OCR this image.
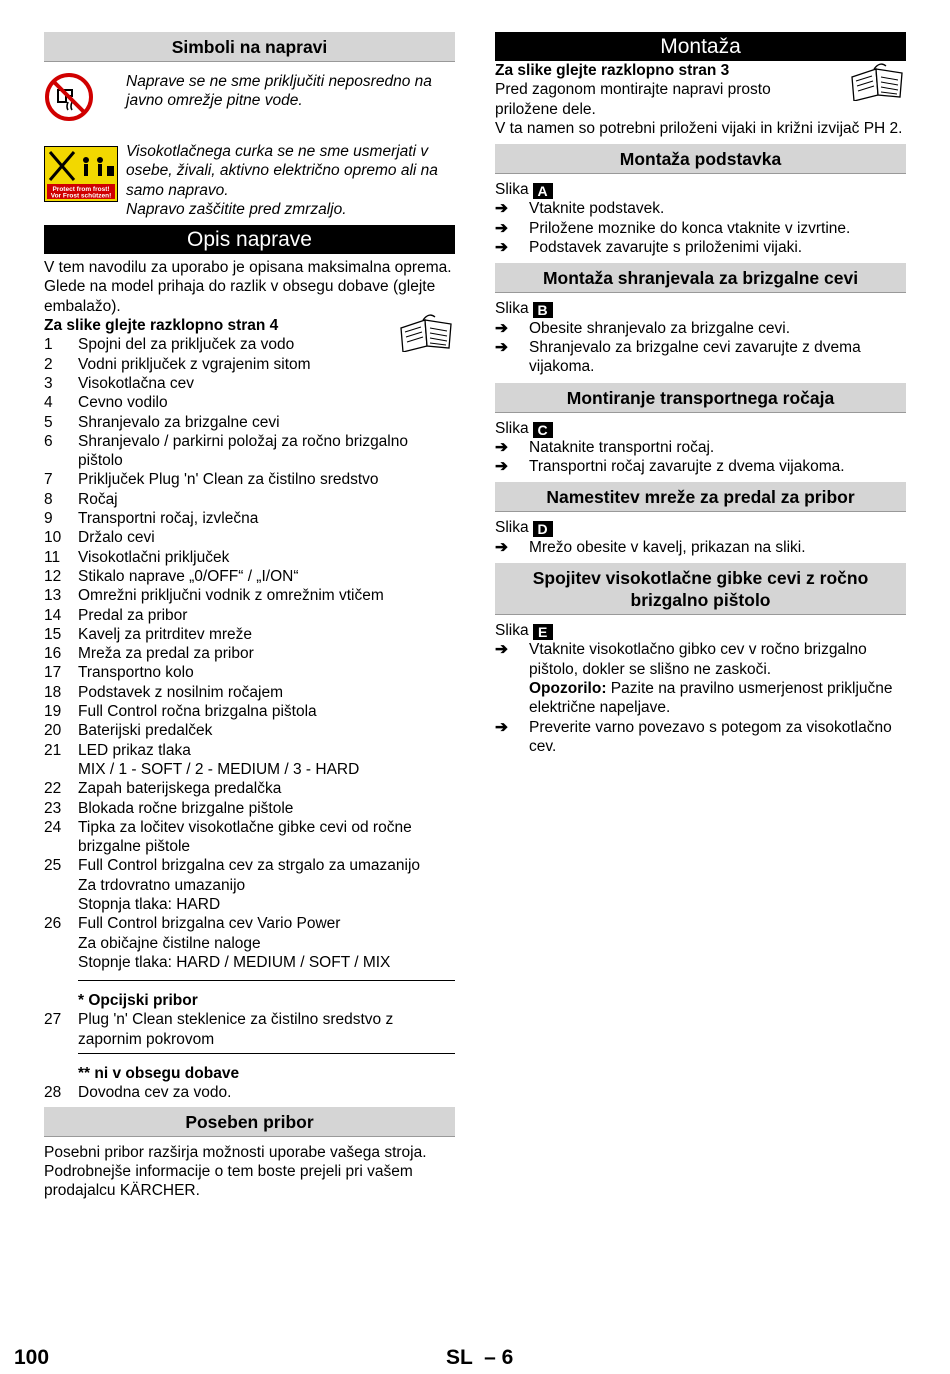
Simboli na napravi
Naprave se ne sme priključiti neposredno na javno omrežje pitne vode.
Protect from frost!
Vor Frost schützen!
Visokotlačnega curka se ne sme usmerjati v osebe, živali, aktivno električno opremo ali na samo napravo.
Napravo zaščitite pred zmrzaljo.
Opis naprave

V tem navodilu za uporabo je opisana maksimalna oprema. Glede na model prihaja do razlik v obsegu dobave (glejte embalažo).

Za slike glejte razklopno stran 4

1	Spojni del za priključek za vodo
2	Vodni priključek z vgrajenim sitom
3	Visokotlačna cev
4	Cevno vodilo
5	Shranjevalo za brizgalne cevi
6	Shranjevalo / parkirni položaj za ročno brizgalno pištolo
7	Priključek Plug 'n' Clean za čistilno sredstvo
8	Ročaj
9	Transportni ročaj, izvlečna
10	Držalo cevi
11	Visokotlačni priključek
12	Stikalo naprave „0/OFF“ / „I/ON“
13	Omrežni priključni vodnik z omrežnim vtičem
14	Predal za pribor
15	Kavelj za pritrditev mreže
16	Mreža za predal za pribor
17	Transportno kolo
18	Podstavek z nosilnim ročajem
19	Full Control ročna brizgalna pištola
20	Baterijski predalček
21	LED prikaz tlaka
MIX / 1 - SOFT / 2 - MEDIUM / 3 - HARD
22	Zapah baterijskega predalčka
23	Blokada ročne brizgalne pištole
24	Tipka za ločitev visokotlačne gibke cevi od ročne brizgalne pištole
25	Full Control brizgalna cev za strgalo za umazanijo
Za trdovratno umazanijo
Stopnja tlaka: HARD
26	Full Control brizgalna cev Vario Power
Za običajne čistilne naloge
Stopnje tlaka: HARD / MEDIUM / SOFT / MIX
* Opcijski pribor
27	Plug 'n' Clean steklenice za čistilno sredstvo z zapornim pokrovom
** ni v obsegu dobave
28	Dovodna cev za vodo.
Poseben pribor

Posebni pribor razširja možnosti uporabe vašega stroja. Podrobnejše informacije o tem boste prejeli pri vašem prodajalcu KÄRCHER.

Montaža

Za slike glejte razklopno stran 3

Pred zagonom montirajte napravi prosto priložene dele.

V ta namen so potrebni priloženi vijaki in križni izvijač PH 2.

Montaža podstavka
Slika A
➔	Vtaknite podstavek.
➔	Priložene moznike do konca vtaknite v izvrtine.
➔	Podstavek zavarujte s priloženimi vijaki.
Montaža shranjevala za brizgalne cevi
Slika B
➔	Obesite shranjevalo za brizgalne cevi.
➔	Shranjevalo za brizgalne cevi zavarujte z dvema vijakoma.
Montiranje transportnega ročaja
Slika C
➔	Nataknite transportni ročaj.
➔	Transportni ročaj zavarujte z dvema vijakoma.
Namestitev mreže za predal za pribor
Slika D
➔	Mrežo obesite v kavelj, prikazan na sliki.
Spojitev visokotlačne gibke cevi z ročno brizgalno pištolo
Slika E
➔	Vtaknite visokotlačno gibko cev v ročno brizgalno pištolo, dokler se slišno ne zaskoči.
Opozorilo: Pazite na pravilno usmerjenost priključne električne napeljave.
➔	Preverite varno povezavo s potegom za visokotlačno cev.
100	SL  – 6
